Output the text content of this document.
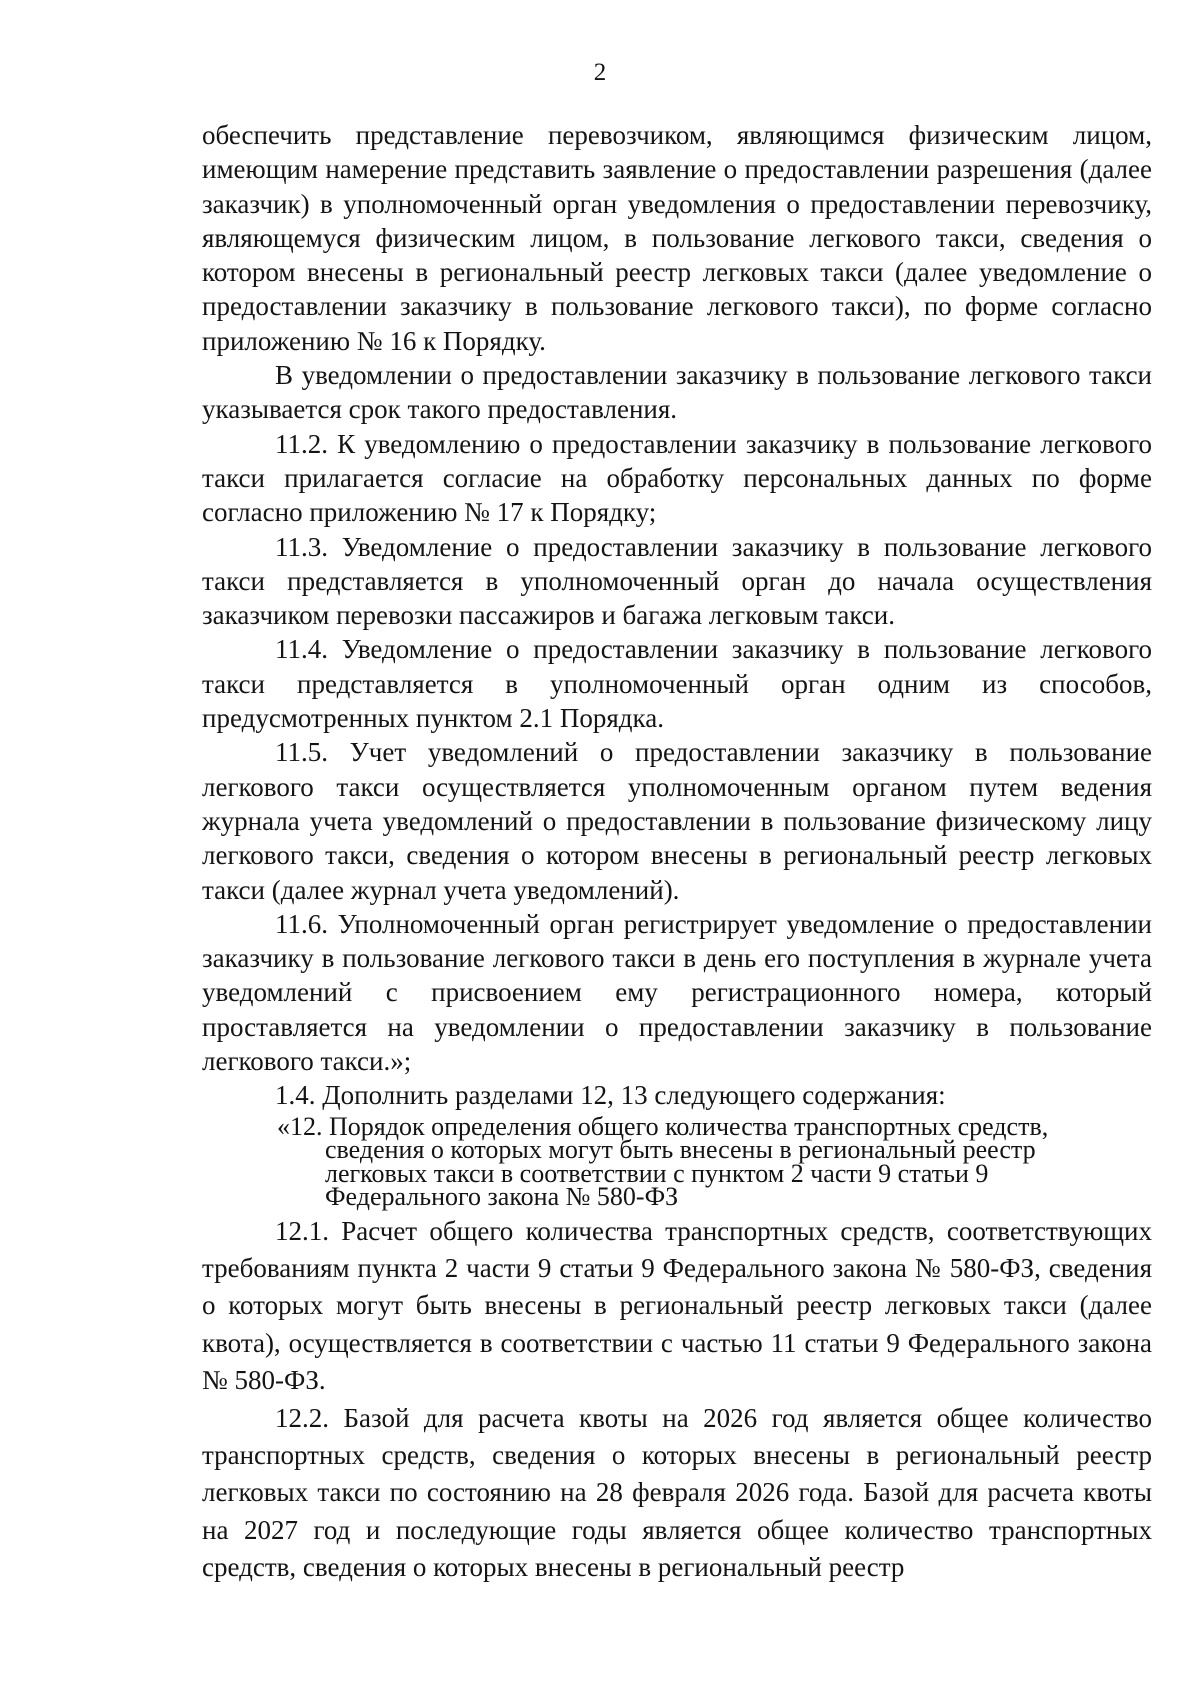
2

обеспечить представление перевозчиком, являющимся физическим лицом, имеющим намерение представить заявление о предоставлении разрешения (далее заказчик) в уполномоченный орган уведомления о предоставлении перевозчику, являющемуся физическим лицом, в пользование легкового такси, сведения о котором внесены в региональный реестр легковых такси (далее уведомление о предоставлении заказчику в пользование легкового такси), по форме согласно приложению № 16 к Порядку.

В уведомлении о предоставлении заказчику в пользование легкового такси указывается срок такого предоставления.

11.2. К уведомлению о предоставлении заказчику в пользование легкового такси прилагается согласие на обработку персональных данных по форме согласно приложению № 17 к Порядку;

11.3. Уведомление о предоставлении заказчику в пользование легкового такси представляется в уполномоченный орган до начала осуществления заказчиком перевозки пассажиров и багажа легковым такси.

11.4. Уведомление о предоставлении заказчику в пользование легкового такси представляется в уполномоченный орган одним из способов, предусмотренных пунктом 2.1 Порядка.

11.5. Учет уведомлений о предоставлении заказчику в пользование легкового такси осуществляется уполномоченным органом путем ведения журнала учета уведомлений о предоставлении в пользование физическому лицу легкового такси, сведения о котором внесены в региональный реестр легковых такси (далее журнал учета уведомлений).

11.6. Уполномоченный орган регистрирует уведомление о предоставлении заказчику в пользование легкового такси в день его поступления в журнале учета уведомлений с присвоением ему регистрационного номера, который проставляется на уведомлении о предоставлении заказчику в пользование легкового такси.»;

1.4. Дополнить разделами 12, 13 следующего содержания:

«12. Порядок определения общего количества транспортных средств, сведения о которых могут быть внесены в региональный реестр легковых такси в соответствии с пунктом 2 части 9 статьи 9 Федерального закона № 580-ФЗ

12.1. Расчет общего количества транспортных средств, соответствующих требованиям пункта 2 части 9 статьи 9 Федерального закона № 580-ФЗ, сведения о которых могут быть внесены в региональный реестр легковых такси (далее квота), осуществляется в соответствии с частью 11 статьи 9 Федерального закона № 580-ФЗ.

12.2. Базой для расчета квоты на 2026 год является общее количество транспортных средств, сведения о которых внесены в региональный реестр легковых такси по состоянию на 28 февраля 2026 года. Базой для расчета квоты на 2027 год и последующие годы является общее количество транспортных средств, сведения о которых внесены в региональный реестр
